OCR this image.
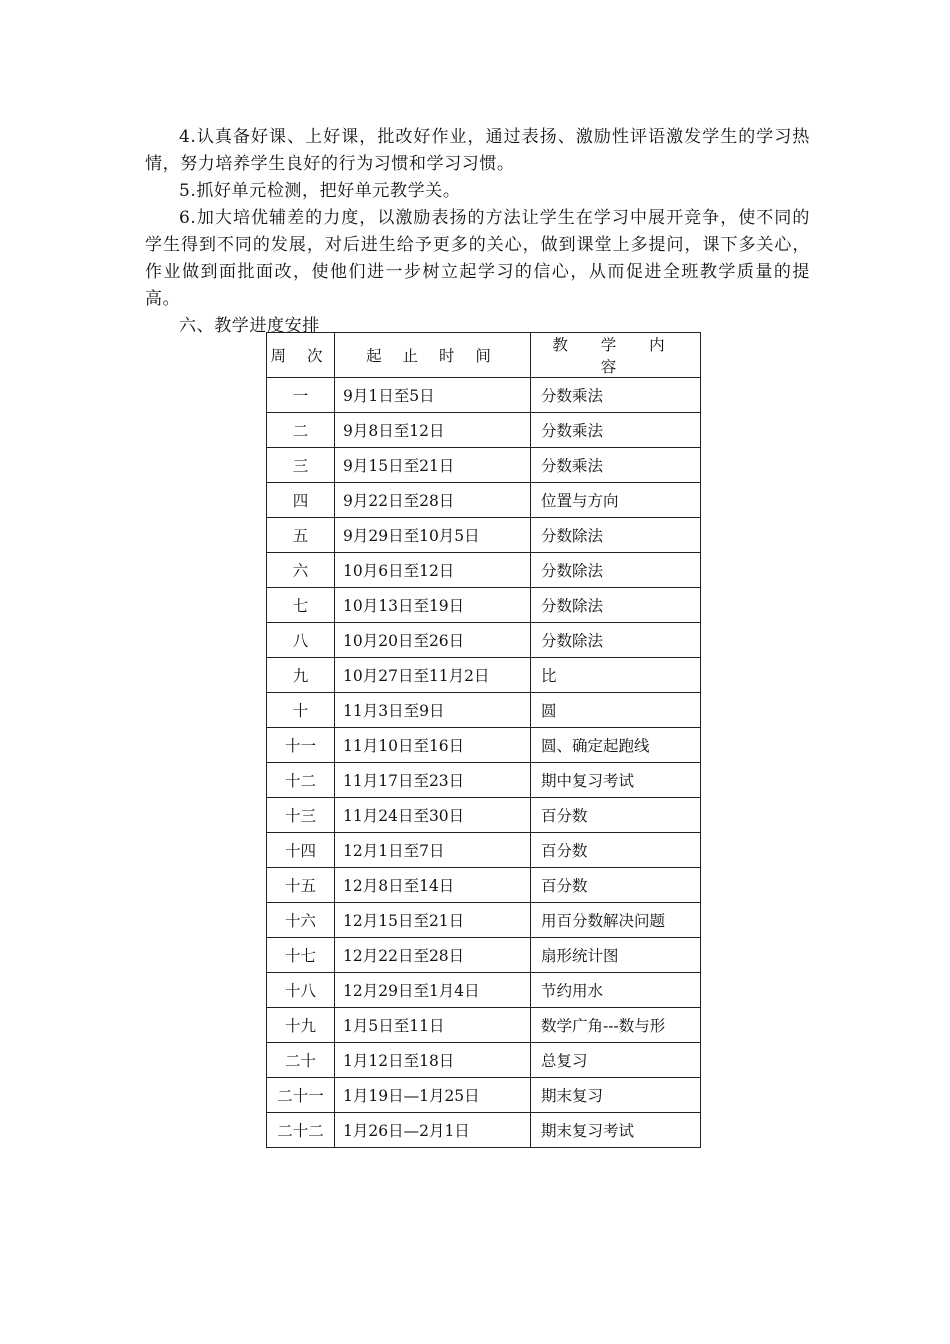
4.认真备好课、上好课，批改好作业，通过表扬、激励性评语激发学生的学习热情，努力培养学生良好的行为习惯和学习习惯。

5.抓好单元检测，把好单元教学关。

6.加大培优辅差的力度，以激励表扬的方法让学生在学习中展开竞争，使不同的学生得到不同的发展，对后进生给予更多的关心，做到课堂上多提问，课下多关心，作业做到面批面改，使他们进一步树立起学习的信心，从而促进全班教学质量的提高。

六、教学进度安排

周 次	起 止 时 间	教 学 内 容
一	9月1日至5日	分数乘法
二	9月8日至12日	分数乘法
三	9月15日至21日	分数乘法
四	9月22日至28日	位置与方向
五	9月29日至10月5日	分数除法
六	10月6日至12日	分数除法
七	10月13日至19日	分数除法
八	10月20日至26日	分数除法
九	10月27日至11月2日	比
十	11月3日至9日	圆
十一	11月10日至16日	圆、确定起跑线
十二	11月17日至23日	期中复习考试
十三	11月24日至30日	百分数
十四	12月1日至7日	百分数
十五	12月8日至14日	百分数
十六	12月15日至21日	用百分数解决问题
十七	12月22日至28日	扇形统计图
十八	12月29日至1月4日	节约用水
十九	1月5日至11日	数学广角---数与形
二十	1月12日至18日	总复习
二十一	1月19日—1月25日	期末复习
二十二	1月26日—2月1日	期末复习考试
